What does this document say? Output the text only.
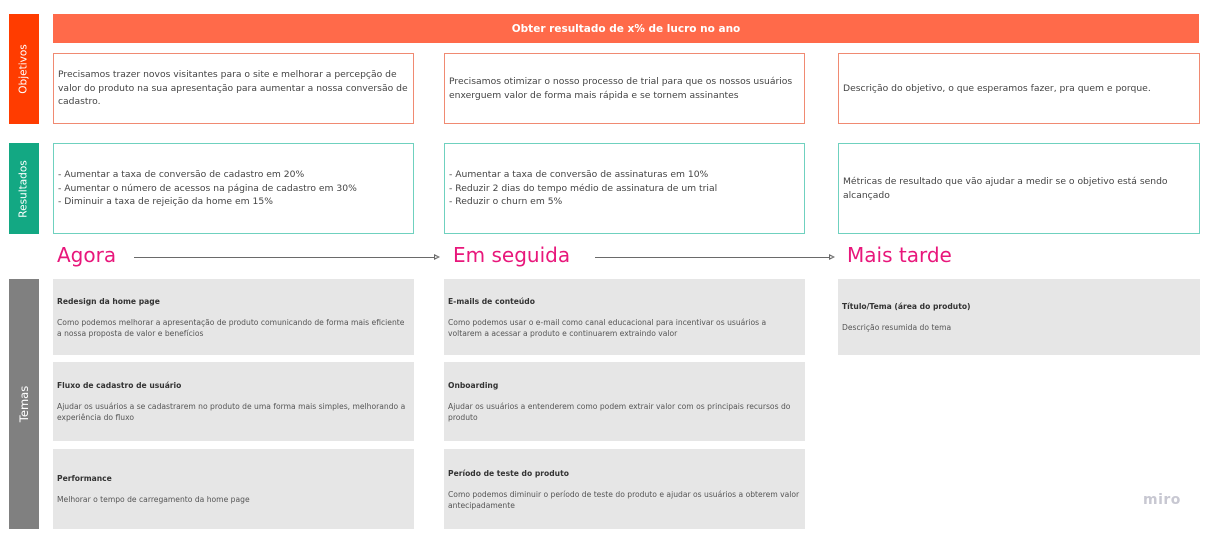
Objetivos
Resultados
Temas
Obter resultado de x% de lucro no ano
Precisamos trazer novos visitantes para o site e melhorar a percepção de valor do produto na sua apresentação para aumentar a nossa conversão de cadastro.
Precisamos otimizar o nosso processo de trial para que os nossos usuários enxerguem valor de forma mais rápida e se tornem assinantes
Descrição do objetivo, o que esperamos fazer, pra quem e porque.
- Aumentar a taxa de conversão de cadastro em 20%
- Aumentar o número de acessos na página de cadastro em 30%
- Diminuir a taxa de rejeição da home em 15%
- Aumentar a taxa de conversão de assinaturas em 10%
- Reduzir 2 dias do tempo médio de assinatura de um trial
- Reduzir o churn em 5%
Métricas de resultado que vão ajudar a medir se o objetivo está sendo alcançado
Agora	Em seguida	Mais tarde
Redesign da home page
Como podemos melhorar a apresentação de produto comunicando de forma mais eficiente a nossa proposta de valor e benefícios
Fluxo de cadastro de usuário
Ajudar os usuários a se cadastrarem no produto de uma forma mais simples, melhorando a experiência do fluxo
Performance
Melhorar o tempo de carregamento da home page
E-mails de conteúdo
Como podemos usar o e-mail como canal educacional para incentivar os usuários a voltarem a acessar a produto e continuarem extraindo valor
Onboarding
Ajudar os usuários a entenderem como podem extrair valor com os principais recursos do produto
Período de teste do produto
Como podemos diminuir o período de teste do produto e ajudar os usuários a obterem valor antecipadamente
Título/Tema (área do produto)
Descrição resumida do tema
miro
